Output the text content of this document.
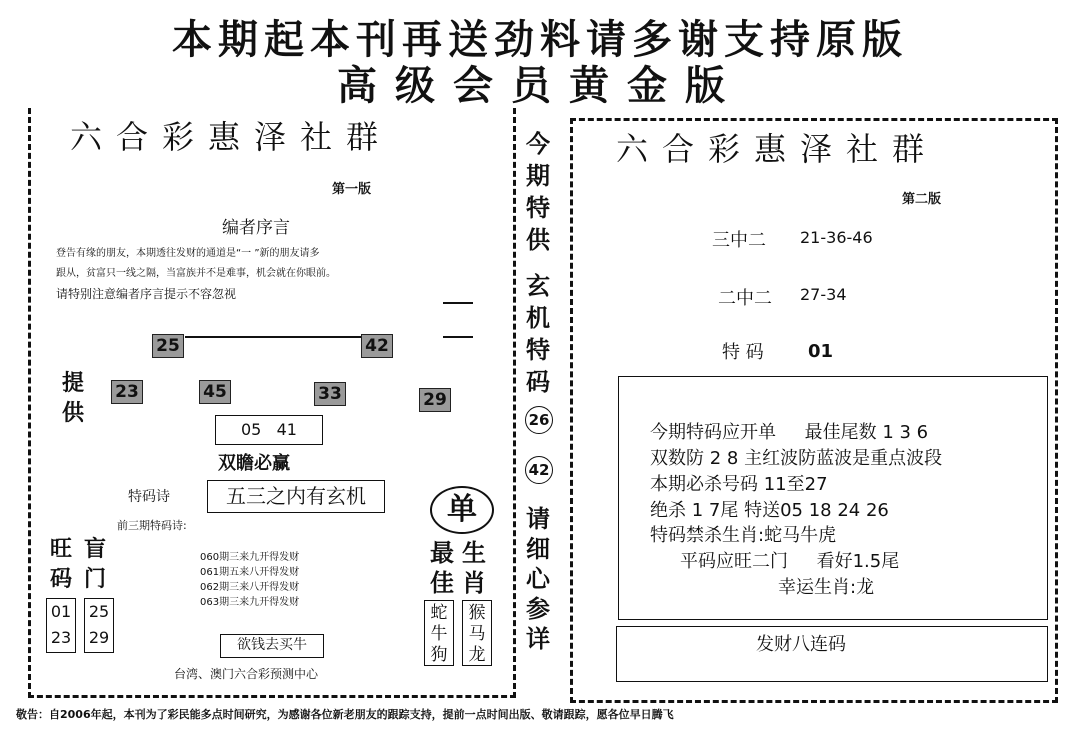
本期起本刊再送劲料请多谢支持原版
高级会员黄金版
六合彩惠泽社群
第一版
编者序言
登告有缘的朋友，本期透往发财的通道是“一 ”新的朋友请多
跟从，贫富只一线之隔，当富族并不是难事，机会就在你眼前。
请特别注意编者序言提示不容忽视
25	42
提供
23	45	33	29
05   41
双瞻必赢
特码诗	五三之内有玄机
前三期特码诗:
060期三来九开得发财
061期五来八开得发财
062期三来八开得发财
063期三来九开得发财
旺码
盲门
01
23
25
29	欲钱去买牛
台湾、澳门六合彩预测中心
单
最佳
生肖
蛇牛狗
猴马龙
今期特供
玄机特码
26
42
请细心参详
六合彩惠泽社群
第二版
三中二 21-36-46
二中二 27-34
特 码 01
今期特码应开单     最佳尾数 1 3 6
双数防 2 8 主红波防蓝波是重点波段
本期必杀号码 11至27
绝杀 1 7尾 特送05 18 24 26
特码禁杀生肖:蛇马牛虎
平码应旺二门     看好1.5尾
幸运生肖:龙
发财八连码
敬告：自2006年起，本刊为了彩民能多点时间研究，为感谢各位新老朋友的跟踪支持，提前一点时间出版、敬请跟踪，愿各位早日腾飞
